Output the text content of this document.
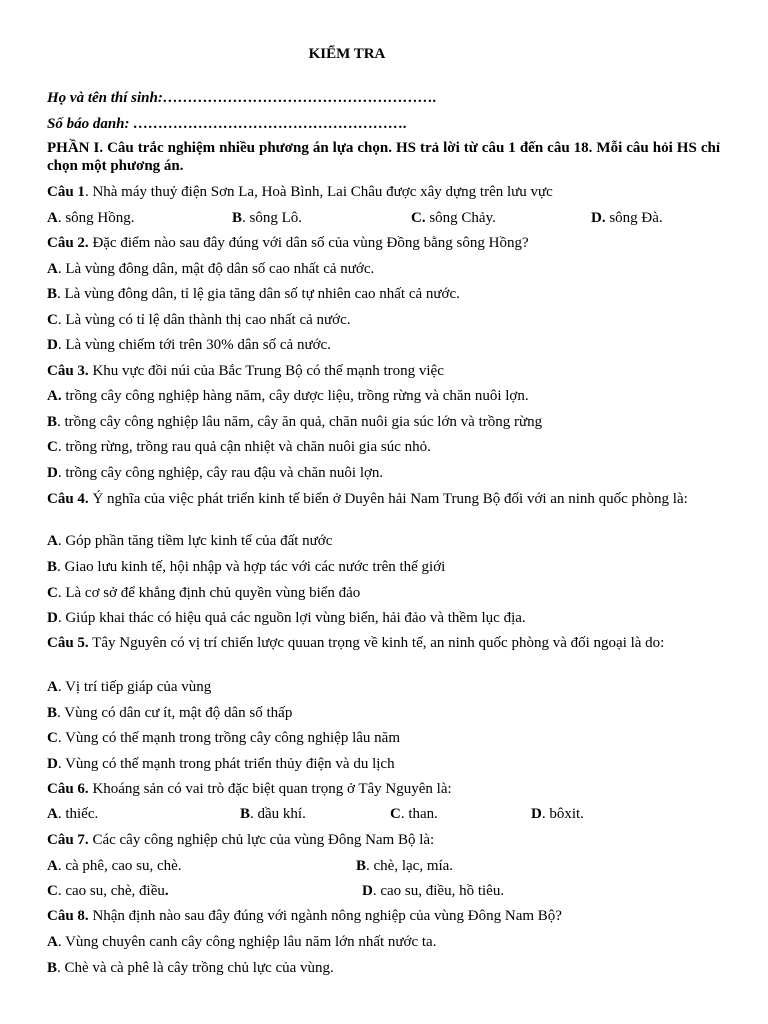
KIỂM TRA
Họ và tên thí sinh:……………………………………………….
Số báo danh: ……………………………………………….
PHẦN I. Câu trắc nghiệm nhiều phương án lựa chọn. HS trả lời từ câu 1 đến câu 18. Mỗi câu hỏi HS chỉ chọn một phương án.
Câu 1. Nhà máy thuỷ điện Sơn La, Hoà Bình, Lai Châu được xây dựng trên lưu vực
A. sông Hồng.	B. sông Lô.	C. sông Chảy.	D. sông Đà.
Câu 2. Đặc điểm nào sau đây đúng với dân số của vùng Đồng bằng sông Hồng?
A. Là vùng đông dân, mật độ dân số cao nhất cả nước.
B. Là vùng đông dân, tỉ lệ gia tăng dân số tự nhiên cao nhất cả nước.
C. Là vùng có tỉ lệ dân thành thị cao nhất cả nước.
D. Là vùng chiếm tới trên 30% dân số cả nước.
Câu 3. Khu vực đồi núi của Bắc Trung Bộ có thế mạnh trong việc
A. trồng cây công nghiệp hàng năm, cây dược liệu, trồng rừng và chăn nuôi lợn.
B. trồng cây công nghiệp lâu năm, cây ăn quả, chăn nuôi gia súc lớn và trồng rừng
C. trồng rừng, trồng rau quả cận nhiệt và chăn nuôi gia súc nhỏ.
D. trồng cây công nghiệp, cây rau đậu và chăn nuôi lợn.
Câu 4. Ý nghĩa của việc phát triển kinh tế biển ở Duyên hải Nam Trung Bộ đối với an ninh quốc phòng là:
A. Góp phần tăng tiềm lực kinh tế của đất nước
B. Giao lưu kinh tế, hội nhập và hợp tác với các nước trên thế giới
C. Là cơ sở để khẳng định chủ quyền vùng biển đảo
D. Giúp khai thác có hiệu quả các nguồn lợi vùng biển, hải đảo và thềm lục địa.
Câu 5. Tây Nguyên có vị trí chiến lược quuan trọng về kinh tế, an ninh quốc phòng và đối ngoại là do:
A. Vị trí tiếp giáp của vùng
B. Vùng có dân cư ít, mật độ dân số thấp
C. Vùng có thế mạnh trong trồng cây công nghiệp lâu năm
D. Vùng có thế mạnh trong phát triển thủy điện và du lịch
Câu 6. Khoáng sản có vai trò đặc biệt quan trọng ở Tây Nguyên là:
A. thiếc.	B. dầu khí.	C. than.	D. bôxit.
Câu 7. Các cây công nghiệp chủ lực của vùng Đông Nam Bộ là:
A. cà phê, cao su, chè.	B. chè, lạc, mía.
C. cao su, chè, điều.	D. cao su, điều, hồ tiêu.
Câu 8. Nhận định nào sau đây đúng với ngành nông nghiệp của vùng Đông Nam Bộ?
A. Vùng chuyên canh cây công nghiệp lâu năm lớn nhất nước ta.
B. Chè và cà phê là cây trồng chủ lực của vùng.
